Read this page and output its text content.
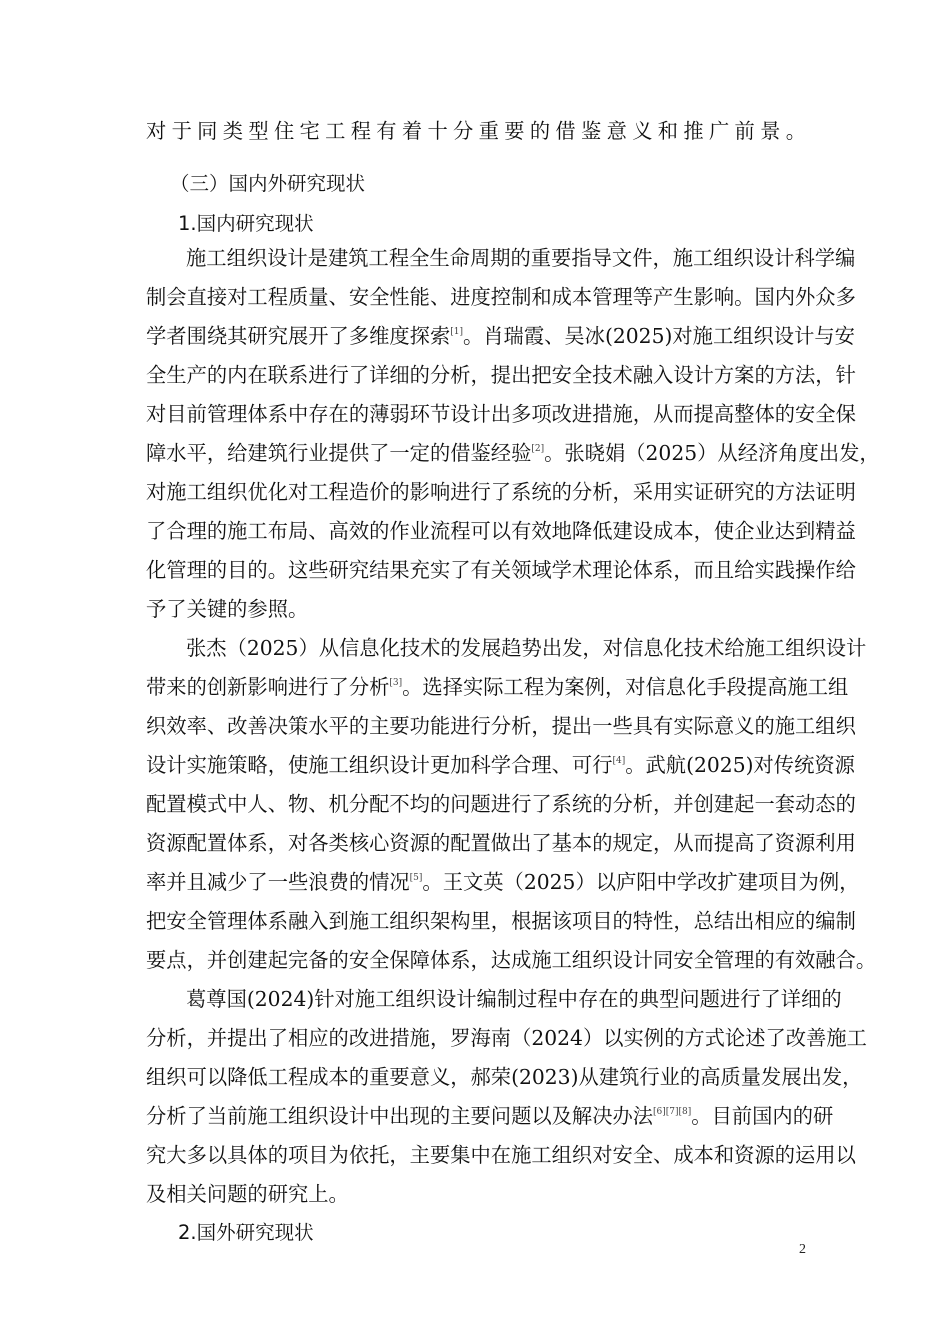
对于同类型住宅工程有着十分重要的借鉴意义和推广前景。
（三）国内外研究现状
1.国内研究现状
施工组织设计是建筑工程全生命周期的重要指导文件，施工组织设计科学编
制会直接对工程质量、安全性能、进度控制和成本管理等产生影响。国内外众多
学者围绕其研究展开了多维度探索[1]。肖瑞霞、吴冰(2025)对施工组织设计与安
全生产的内在联系进行了详细的分析，提出把安全技术融入设计方案的方法，针
对目前管理体系中存在的薄弱环节设计出多项改进措施，从而提高整体的安全保
障水平，给建筑行业提供了一定的借鉴经验[2]。张晓娟（2025）从经济角度出发，
对施工组织优化对工程造价的影响进行了系统的分析，采用实证研究的方法证明
了合理的施工布局、高效的作业流程可以有效地降低建设成本，使企业达到精益
化管理的目的。这些研究结果充实了有关领域学术理论体系，而且给实践操作给
予了关键的参照。
张杰（2025）从信息化技术的发展趋势出发，对信息化技术给施工组织设计
带来的创新影响进行了分析[3]。选择实际工程为案例，对信息化手段提高施工组
织效率、改善决策水平的主要功能进行分析，提出一些具有实际意义的施工组织
设计实施策略，使施工组织设计更加科学合理、可行[4]。武航(2025)对传统资源
配置模式中人、物、机分配不均的问题进行了系统的分析，并创建起一套动态的
资源配置体系，对各类核心资源的配置做出了基本的规定，从而提高了资源利用
率并且减少了一些浪费的情况[5]。王文英（2025）以庐阳中学改扩建项目为例，
把安全管理体系融入到施工组织架构里，根据该项目的特性，总结出相应的编制
要点，并创建起完备的安全保障体系，达成施工组织设计同安全管理的有效融合。
葛尊国(2024)针对施工组织设计编制过程中存在的典型问题进行了详细的
分析，并提出了相应的改进措施，罗海南（2024）以实例的方式论述了改善施工
组织可以降低工程成本的重要意义，郝荣(2023)从建筑行业的高质量发展出发，
分析了当前施工组织设计中出现的主要问题以及解决办法[6][7][8]。目前国内的研
究大多以具体的项目为依托，主要集中在施工组织对安全、成本和资源的运用以
及相关问题的研究上。
2.国外研究现状
2
